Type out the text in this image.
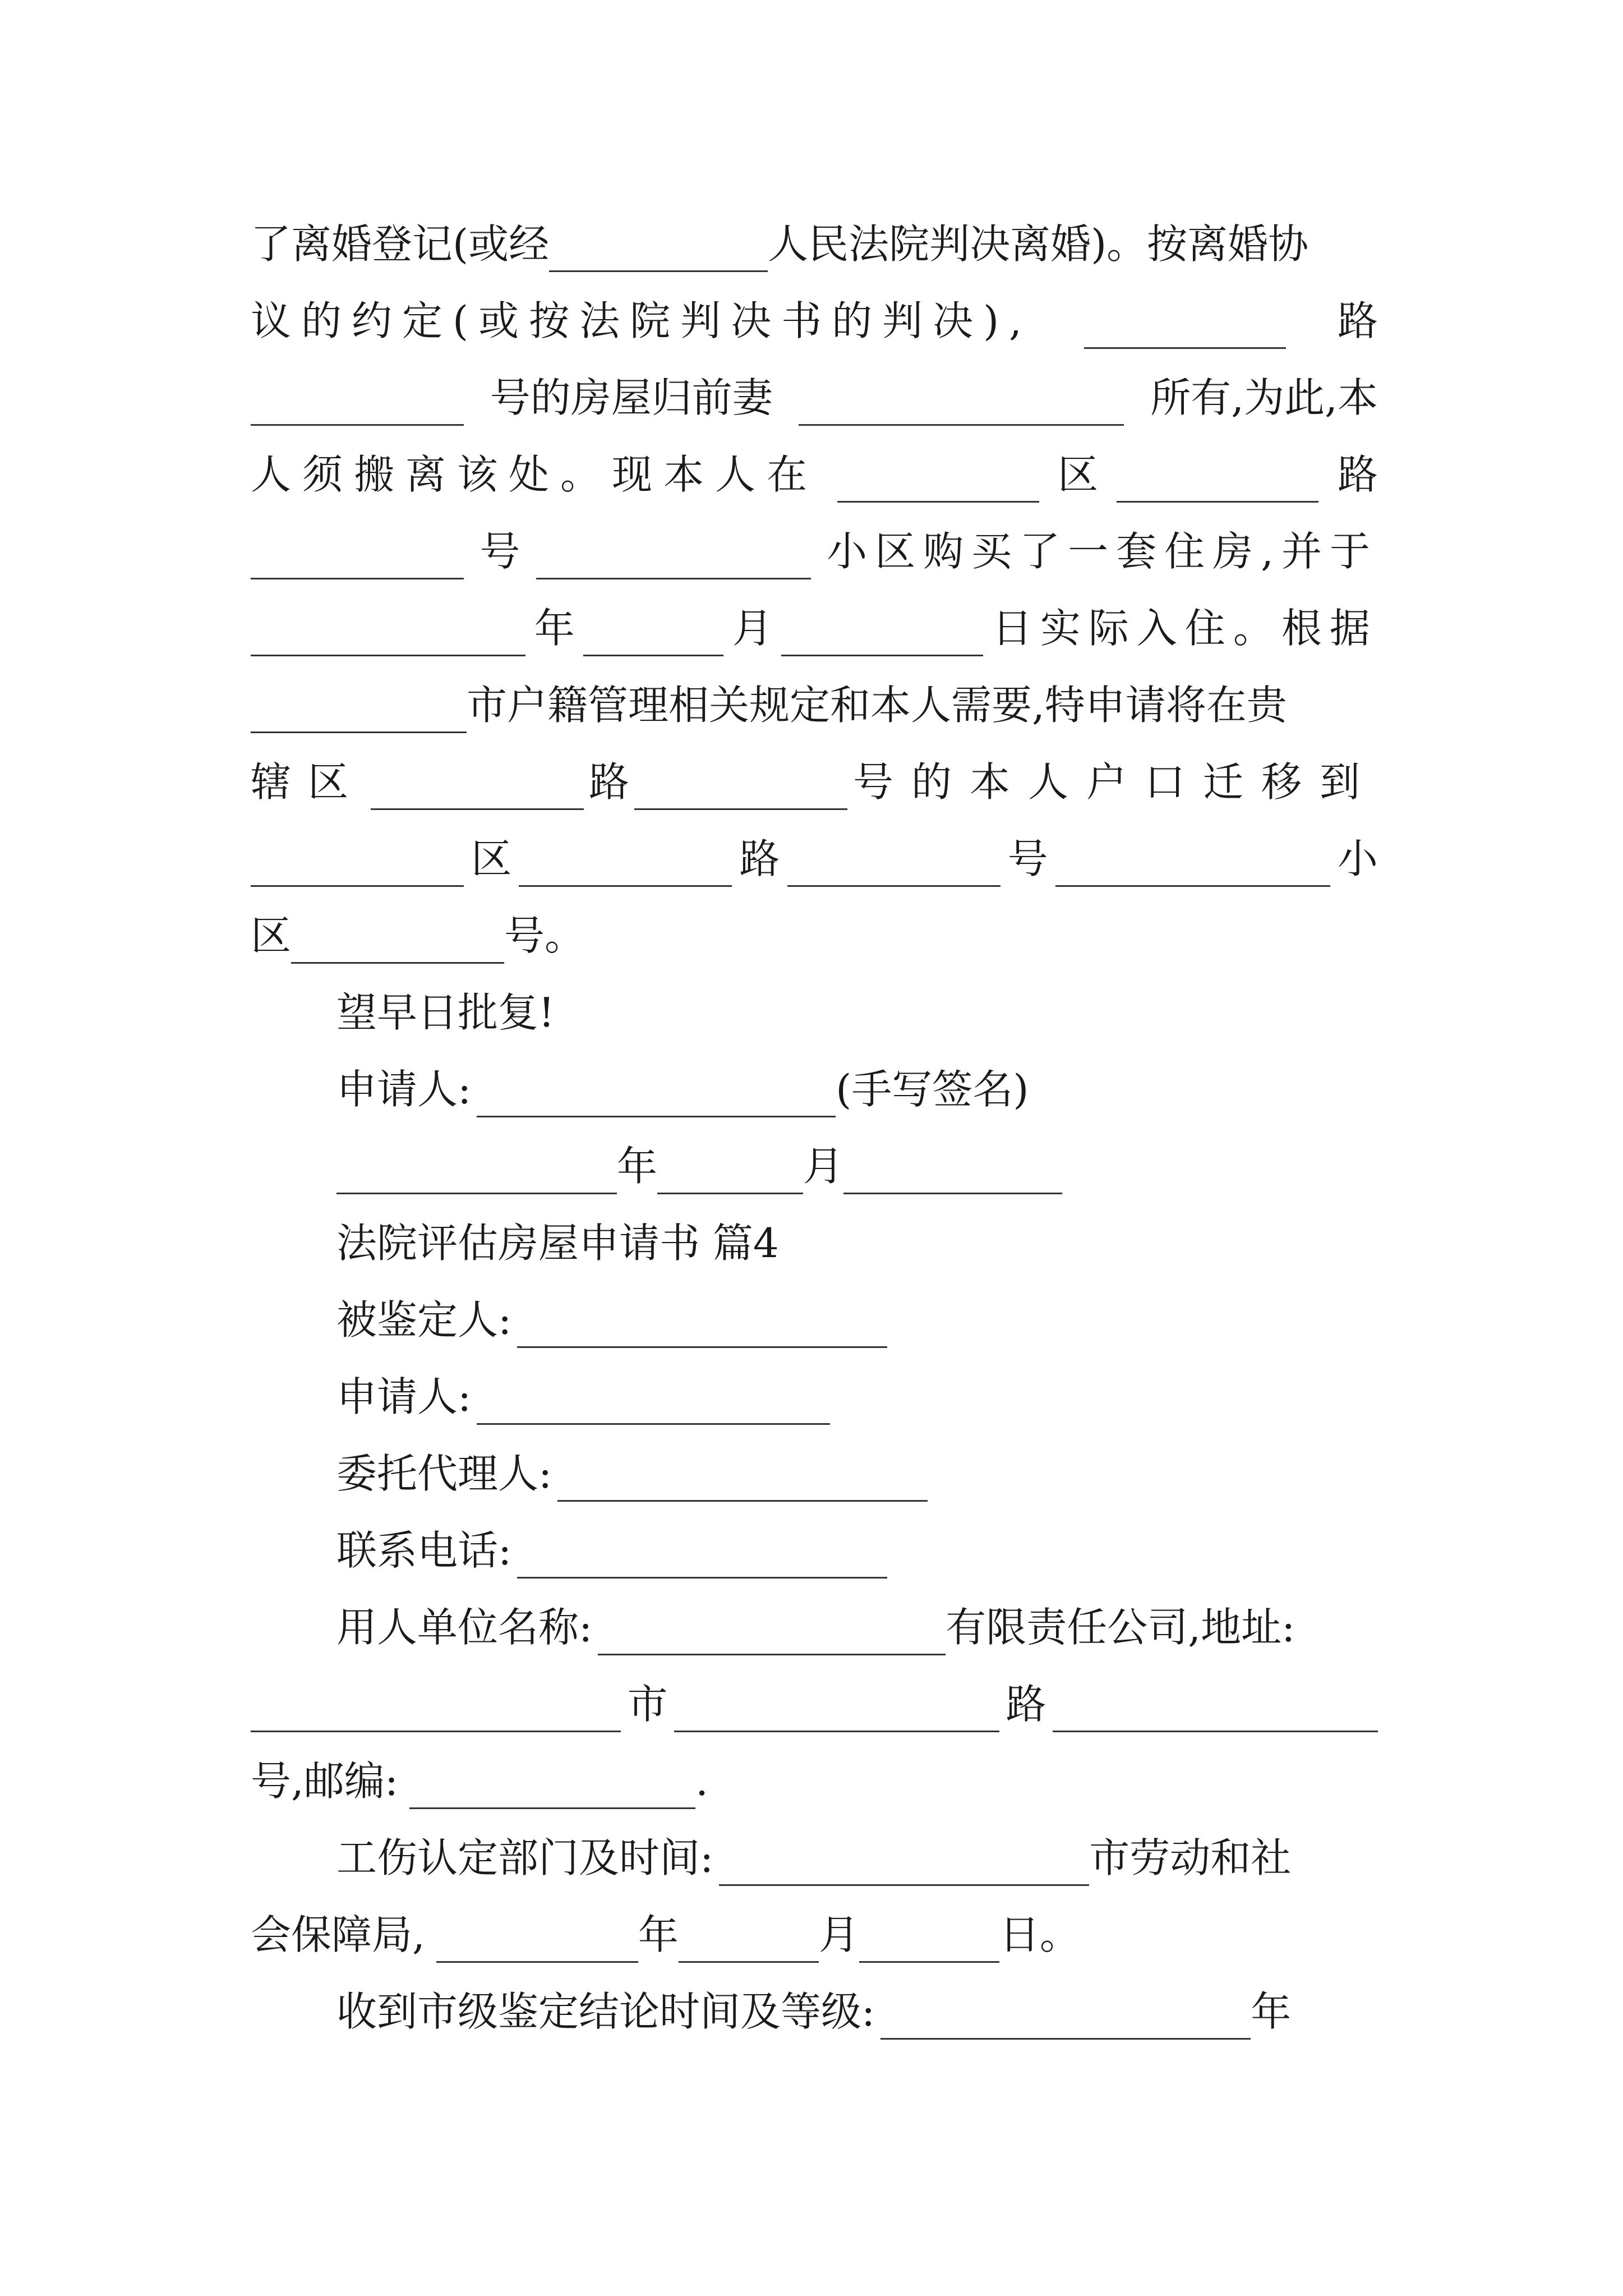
了离婚登记(或经	人民法院判决离婚)。按离婚协
议的约定(或按法院判决书的判决),	路
号的房屋归前妻	所有,为此,本
人须搬离该处。现本人在	区	路
号	小区购买了一套住房,并于
年	月	日实际入住。根据
市户籍管理相关规定和本人需要,特申请将在贵
辖区	路	号的本人户口迁移到
区	路	号	小
区	号。
望早日批复!
申请人:	(手写签名)
年	月
法院评估房屋申请书 篇4
被鉴定人:
申请人:
委托代理人:
联系电话:
用人单位名称:	有限责任公司,地址:
市	路
号,邮编:	.
工伤认定部门及时间:	市劳动和社
会保障局,	年	月	日。
收到市级鉴定结论时间及等级:	年
